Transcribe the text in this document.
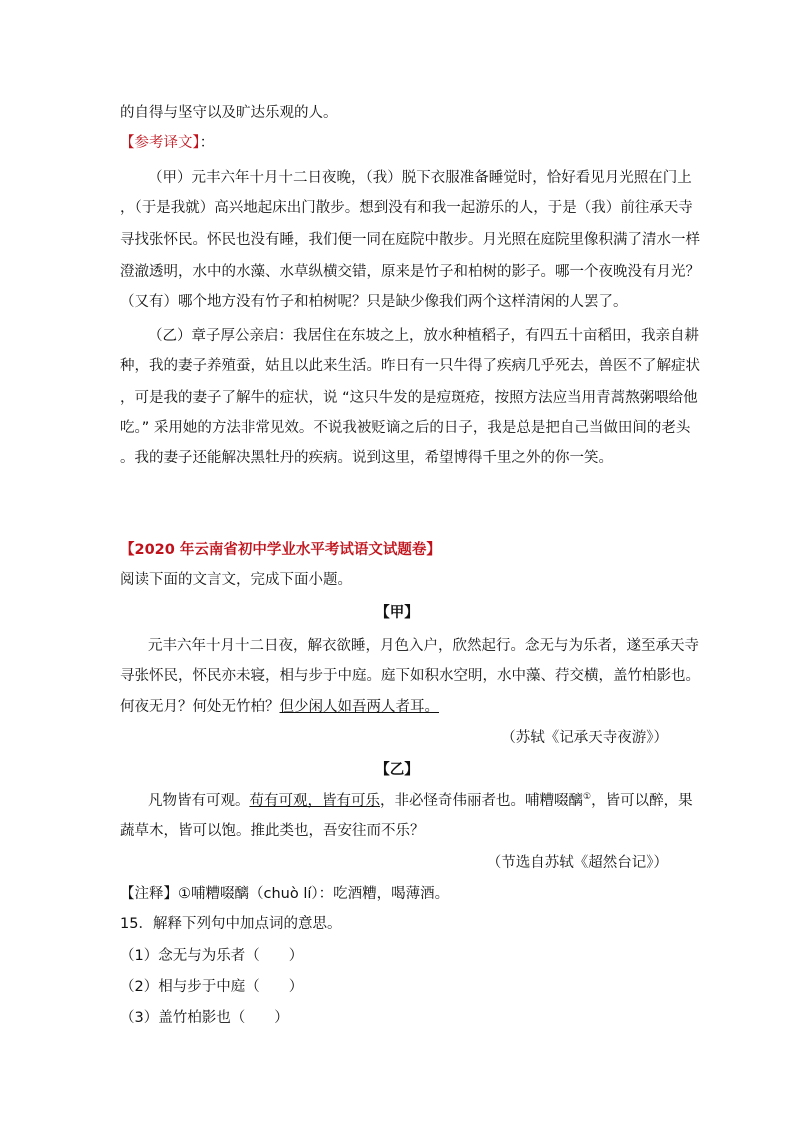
的自得与坚守以及旷达乐观的人。
【参考译文】：
（甲）元丰六年十月十二日夜晚，（我）脱下衣服准备睡觉时，恰好看见月光照在门上
，（于是我就）高兴地起床出门散步。想到没有和我一起游乐的人，于是（我）前往承天寺
寻找张怀民。怀民也没有睡，我们便一同在庭院中散步。月光照在庭院里像积满了清水一样
澄澈透明，水中的水藻、水草纵横交错，原来是竹子和柏树的影子。哪一个夜晚没有月光？
（又有）哪个地方没有竹子和柏树呢？只是缺少像我们两个这样清闲的人罢了。
（乙）章子厚公亲启：我居住在东坡之上，放水种植稻子，有四五十亩稻田，我亲自耕
种，我的妻子养殖蚕，姑且以此来生活。昨日有一只牛得了疾病几乎死去，兽医不了解症状
，可是我的妻子了解牛的症状，说 “这只牛发的是痘斑疮，按照方法应当用青蒿熬粥喂给他
吃。” 采用她的方法非常见效。不说我被贬谪之后的日子，我是总是把自己当做田间的老头
。我的妻子还能解决黑牡丹的疾病。说到这里，希望博得千里之外的你一笑。
【2020 年云南省初中学业水平考试语文试题卷】
阅读下面的文言文，完成下面小题。
【甲】
元丰六年十月十二日夜，解衣欲睡，月色入户，欣然起行。念无与为乐者，遂至承天寺
寻张怀民，怀民亦未寝，相与步于中庭。庭下如积水空明，水中藻、荇交横，盖竹柏影也。
何夜无月？何处无竹柏？但少闲人如吾两人者耳。
（苏轼《记承天寺夜游》）
【乙】
凡物皆有可观。苟有可观，皆有可乐，非必怪奇伟丽者也。哺糟啜醨①，皆可以醉，果
蔬草木，皆可以饱。推此类也，吾安往而不乐？
（节选自苏轼《超然台记》）
【注释】①哺糟啜醨（chuò lí）：吃酒糟，喝薄酒。
15．解释下列句中加点词的意思。
（1）念无与为乐者（　　）
（2）相与步于中庭（　　）
（3）盖竹柏影也（　　）
